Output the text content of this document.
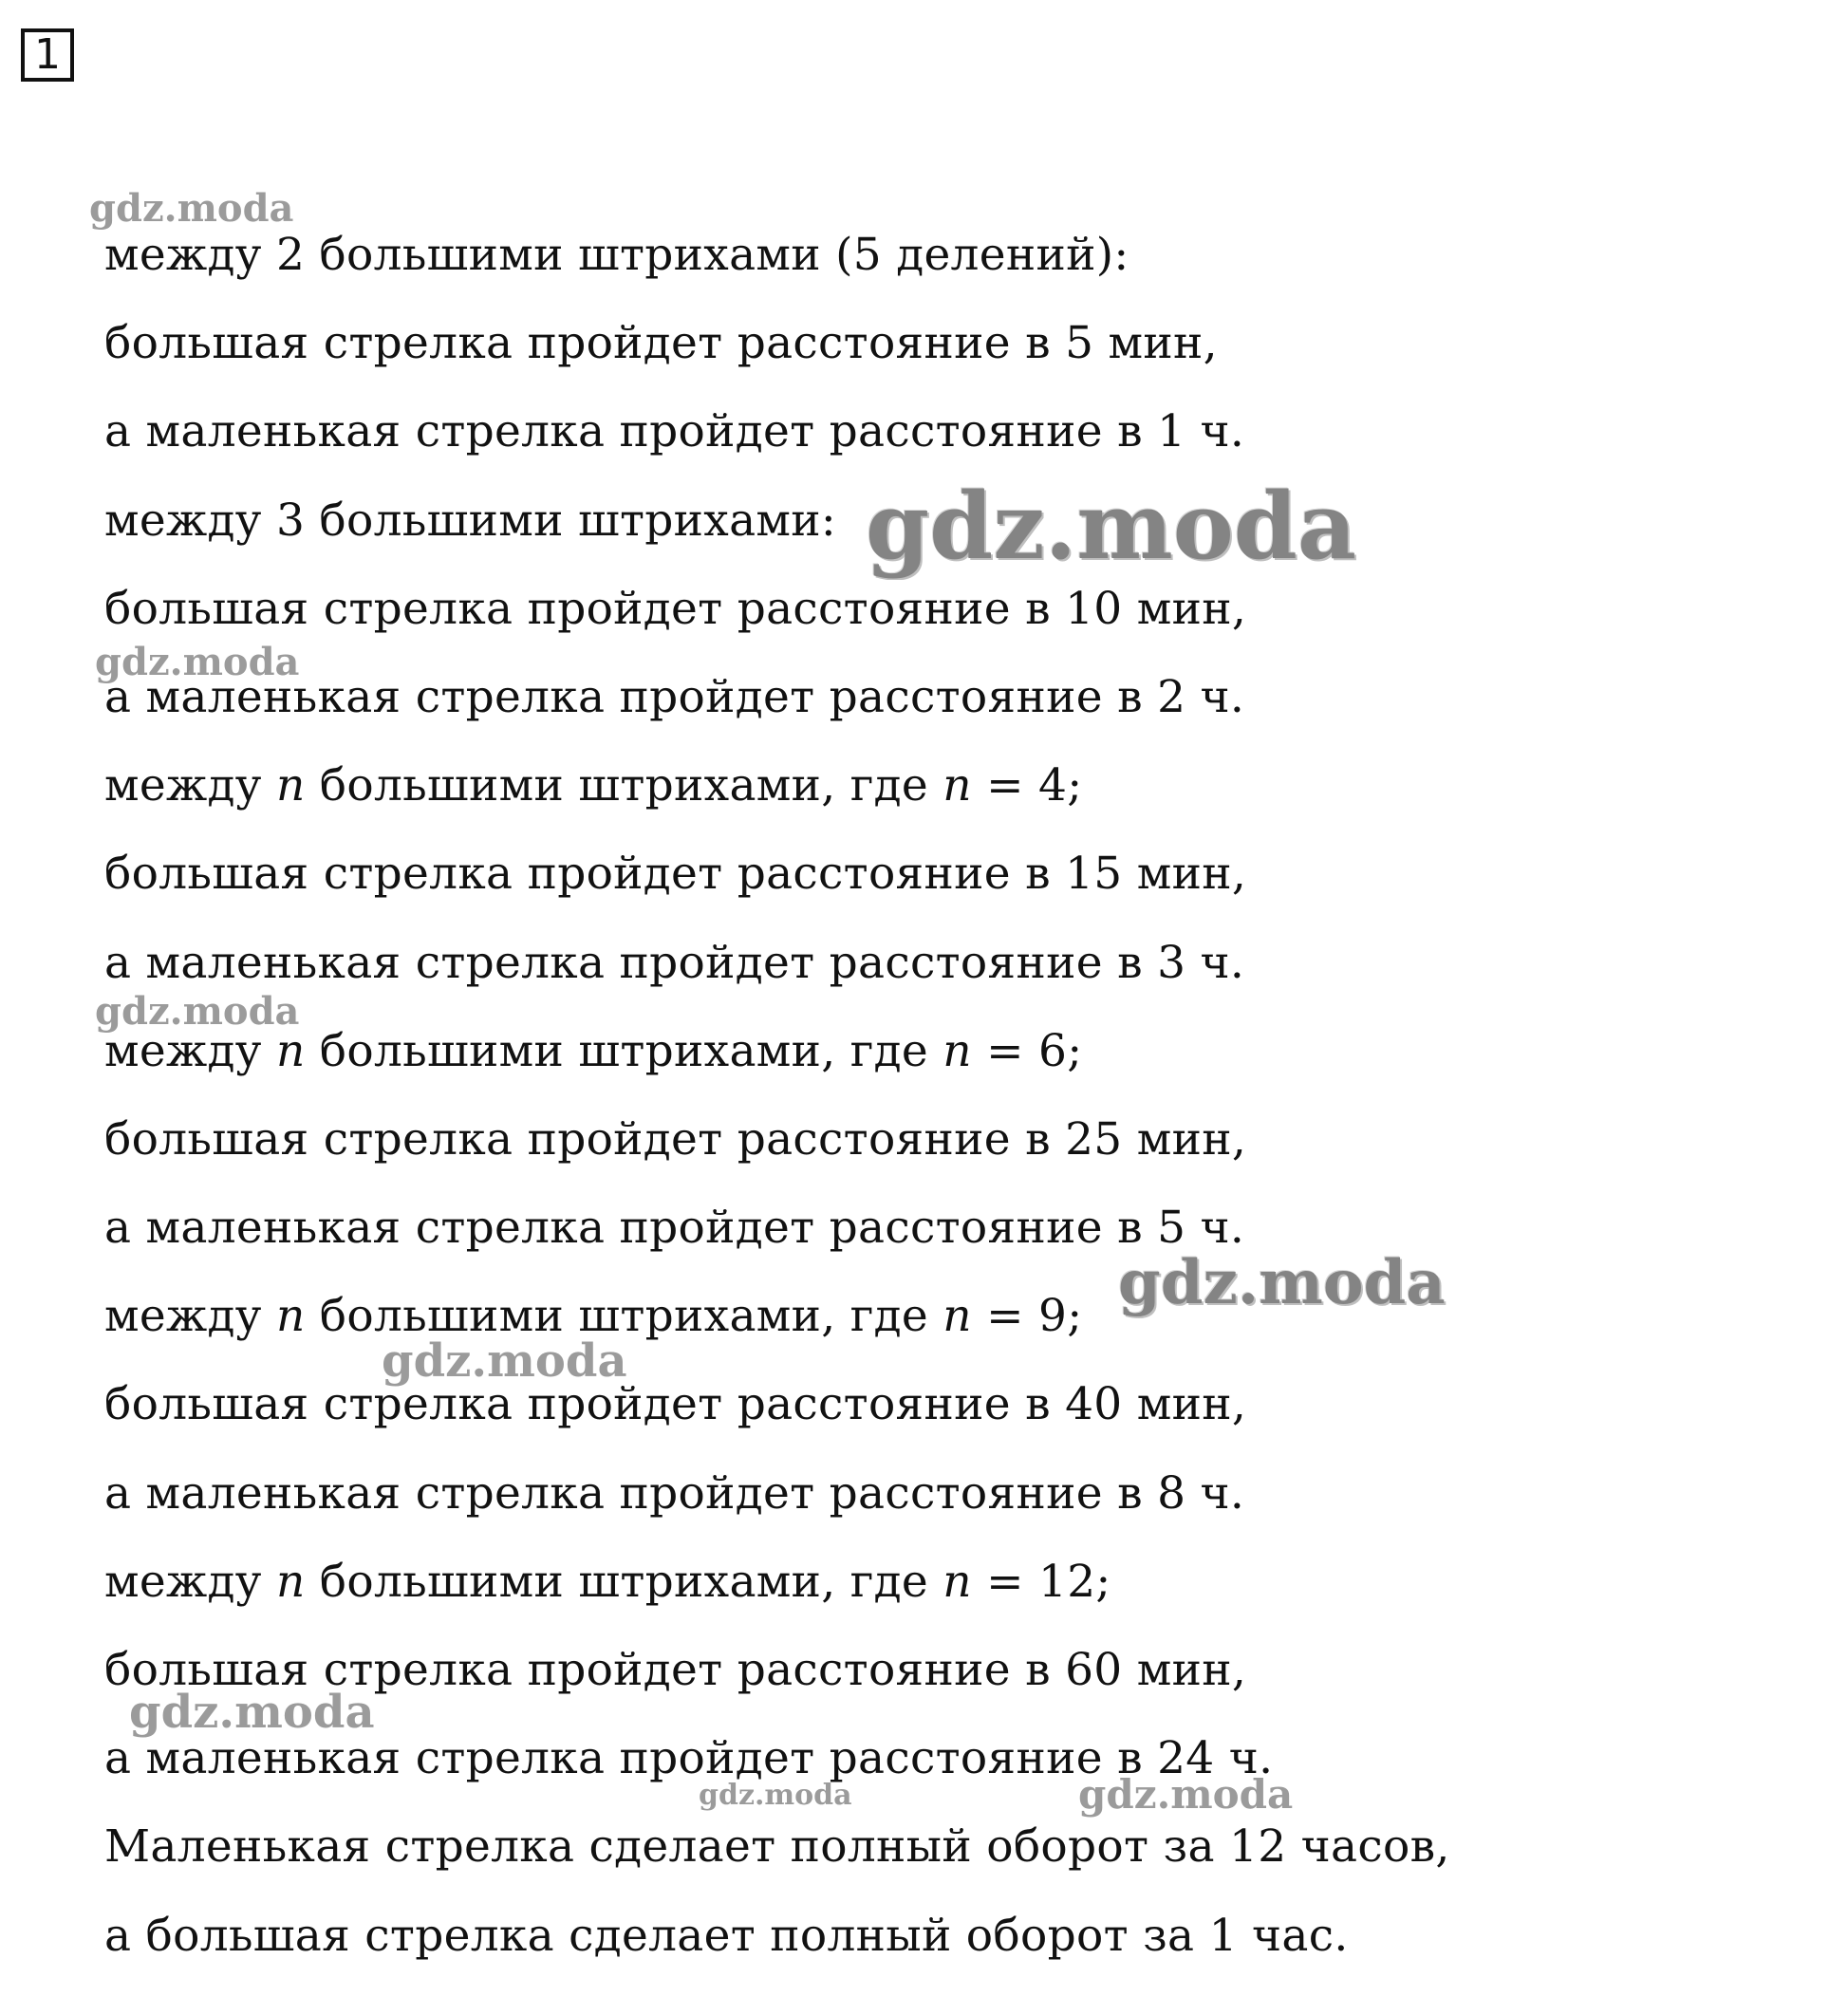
1
между 2 большими штрихами (5 делений):
большая стрелка пройдет расстояние в 5 мин,
а маленькая стрелка пройдет расстояние в 1 ч.
между 3 большими штрихами:
большая стрелка пройдет расстояние в 10 мин,
а маленькая стрелка пройдет расстояние в 2 ч.
между n большими штрихами, где n = 4;
большая стрелка пройдет расстояние в 15 мин,
а маленькая стрелка пройдет расстояние в 3 ч.
между n большими штрихами, где n = 6;
большая стрелка пройдет расстояние в 25 мин,
а маленькая стрелка пройдет расстояние в 5 ч.
между n большими штрихами, где n = 9;
большая стрелка пройдет расстояние в 40 мин,
а маленькая стрелка пройдет расстояние в 8 ч.
между n большими штрихами, где n = 12;
большая стрелка пройдет расстояние в 60 мин,
а маленькая стрелка пройдет расстояние в 24 ч.
Маленькая стрелка сделает полный оборот за 12 часов,
а большая стрелка сделает полный оборот за 1 час.
gdz.moda
gdz.moda
gdz.moda
gdz.moda
gdz.moda
gdz.moda
gdz.moda
gdz.moda	gdz.moda
